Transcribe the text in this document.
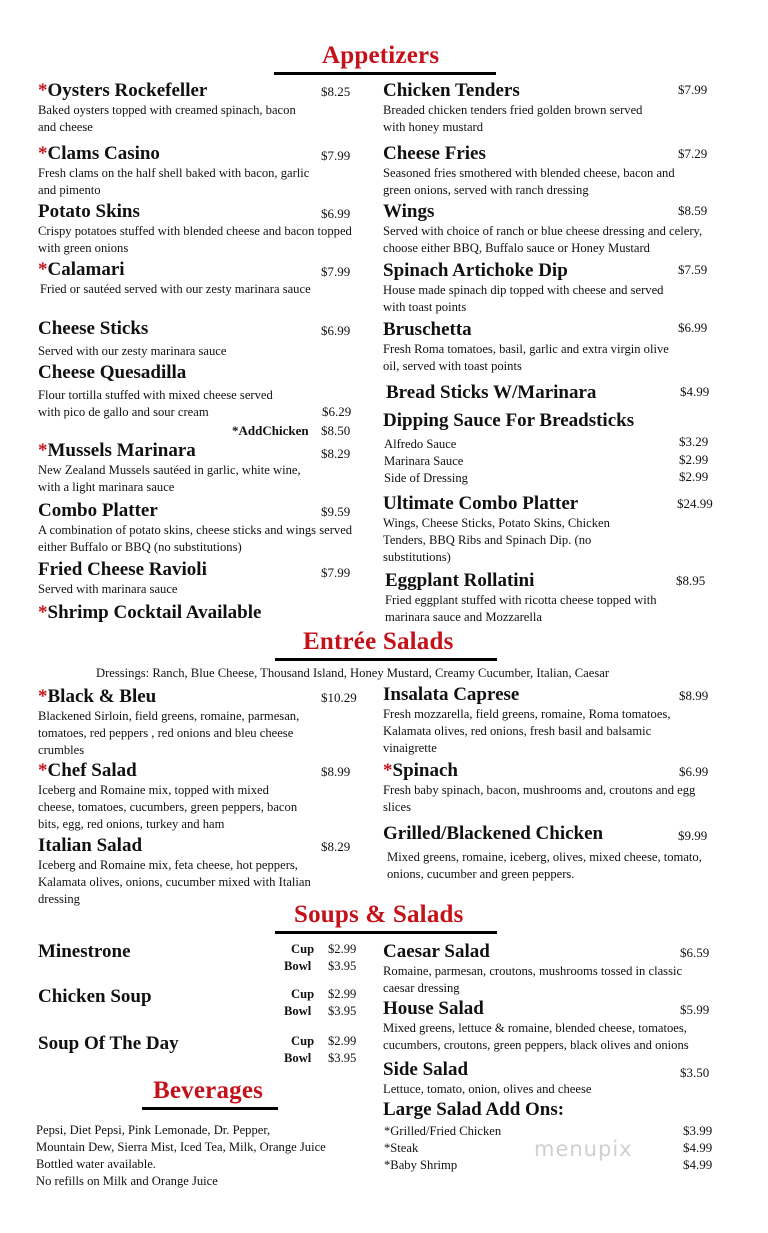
Appetizers
*Oysters Rockefeller
Baked oysters topped with creamed spinach, bacon and cheese
$8.25
*Clams Casino
Fresh clams on the half shell baked with bacon, garlic and pimento
$7.99
Potato Skins
Crispy potatoes stuffed with blended cheese and bacon topped with green onions
$6.99
*Calamari
Fried or sautéed served with our zesty marinara sauce
$7.99
Cheese Sticks
Served with our zesty marinara sauce
$6.99
Cheese Quesadilla
Flour tortilla stuffed with mixed cheese served with pico de gallo and sour cream	$6.29
*AddChicken $8.50
*Mussels Marinara
New Zealand Mussels sautéed in garlic, white wine, with a light marinara sauce
$8.29
Combo Platter
A combination of potato skins, cheese sticks and wings served either Buffalo or BBQ (no substitutions)
$9.59
Fried Cheese Ravioli
Served with marinara sauce
$7.99
*Shrimp Cocktail Available
Chicken Tenders
Breaded chicken tenders fried golden brown served with honey mustard
$7.99
Cheese Fries
Seasoned fries smothered with blended cheese, bacon and green onions, served with ranch dressing
$7.29
Wings
Served with choice of ranch or blue cheese dressing and celery, choose either BBQ, Buffalo sauce or Honey Mustard
$8.59
Spinach Artichoke Dip
House made spinach dip topped with cheese and served with toast points
$7.59
Bruschetta
Fresh Roma tomatoes, basil, garlic and extra virgin olive oil, served with toast points
$6.99
Bread Sticks W/Marinara	$4.99
Dipping Sauce For Breadsticks
Alfredo Sauce	$3.29
Marinara Sauce	$2.99
Side of Dressing	$2.99
Ultimate Combo Platter
Wings, Cheese Sticks, Potato Skins, Chicken Tenders, BBQ Ribs and Spinach Dip. (no substitutions)
$24.99
Eggplant Rollatini
Fried eggplant stuffed with ricotta cheese topped with marinara sauce and Mozzarella
$8.95
Entrée Salads
Dressings: Ranch, Blue Cheese, Thousand Island, Honey Mustard, Creamy Cucumber, Italian, Caesar
*Black & Bleu
Blackened Sirloin, field greens, romaine, parmesan, tomatoes, red peppers , red onions and bleu cheese crumbles
$10.29
*Chef Salad
Iceberg and Romaine mix, topped with mixed cheese, tomatoes, cucumbers, green peppers, bacon bits, egg, red onions, turkey and ham
$8.99
Italian Salad
Iceberg and Romaine mix, feta cheese, hot peppers, Kalamata olives, onions, cucumber mixed with Italian dressing
$8.29
Insalata Caprese
Fresh mozzarella, field greens, romaine, Roma tomatoes, Kalamata olives, red onions, fresh basil and balsamic vinaigrette
$8.99
*Spinach
Fresh baby spinach, bacon, mushrooms and, croutons and egg slices
$6.99
Grilled/Blackened Chicken
Mixed greens, romaine, iceberg, olives, mixed cheese, tomato, onions, cucumber and green peppers.
$9.99
Soups & Salads
Minestrone	Cup $2.99
Bowl $3.95
Chicken Soup	Cup $2.99
Bowl $3.95
Soup Of The Day	Cup $2.99
Bowl $3.95
Caesar Salad
Romaine, parmesan, croutons, mushrooms tossed in classic caesar dressing
$6.59
House Salad
Mixed greens, lettuce & romaine, blended cheese, tomatoes, cucumbers, croutons, green peppers, black olives and onions
$5.99
Side Salad
Lettuce, tomato, onion, olives and cheese
$3.50
Large Salad Add Ons:
*Grilled/Fried Chicken	$3.99
*Steak	$4.99
*Baby Shrimp	$4.99
Beverages
Pepsi, Diet Pepsi, Pink Lemonade, Dr. Pepper,
Mountain Dew, Sierra Mist, Iced Tea, Milk, Orange Juice
Bottled water available.
No refills on Milk and Orange Juice
menupix
